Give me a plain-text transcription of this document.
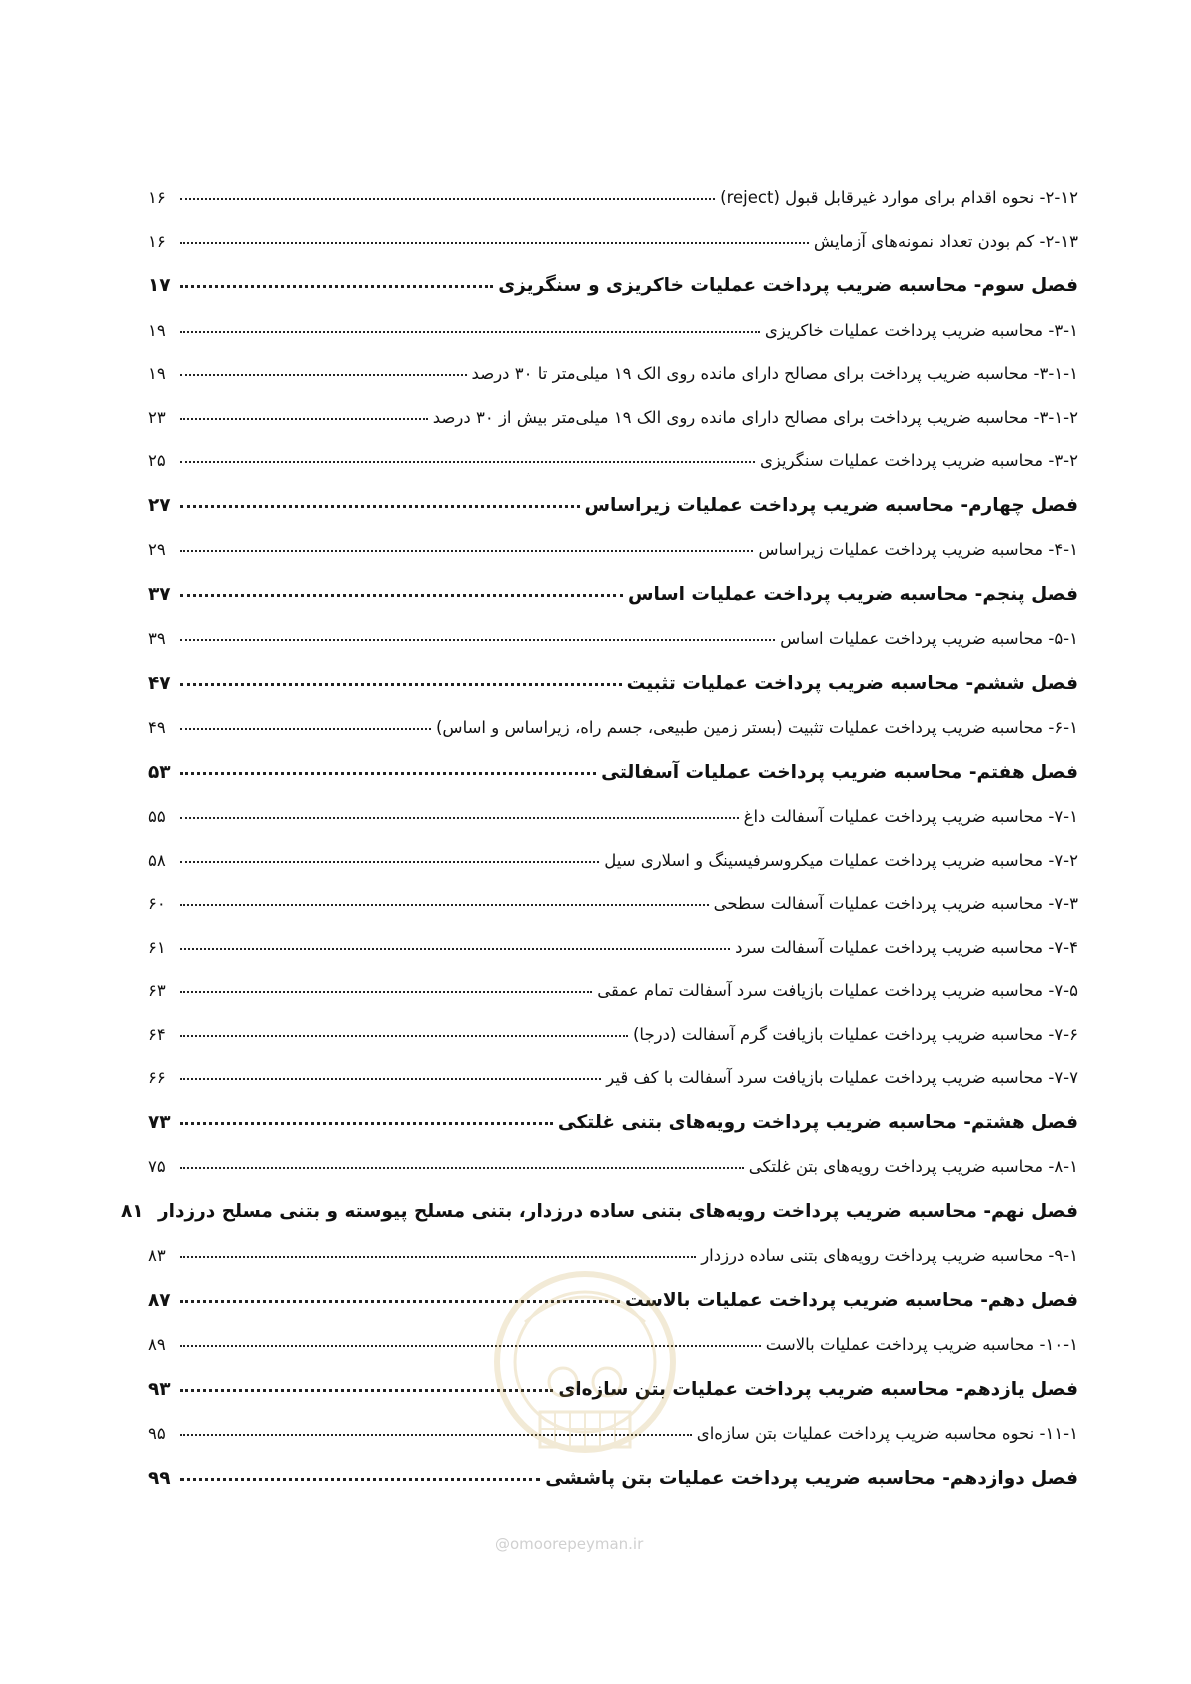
۲-۱۲- نحوه اقدام برای موارد غیرقابل قبول (reject)
۱۶
۲-۱۳- کم بودن تعداد نمونه‌های آزمایش
۱۶
فصل سوم- محاسبه ضریب پرداخت عملیات خاکریزی و سنگریزی
۱۷
۳-۱- محاسبه ضریب پرداخت عملیات خاکریزی
۱۹
۳-۱-۱- محاسبه ضریب پرداخت برای مصالح دارای مانده روی الک ۱۹ میلی‌متر تا ۳۰ درصد
۱۹
۳-۱-۲- محاسبه ضریب پرداخت برای مصالح دارای مانده روی الک ۱۹ میلی‌متر بیش از ۳۰ درصد
۲۳
۳-۲- محاسبه ضریب پرداخت عملیات سنگریزی
۲۵
فصل چهارم- محاسبه ضریب پرداخت عملیات زیراساس
۲۷
۴-۱- محاسبه ضریب پرداخت عملیات زیراساس
۲۹
فصل پنجم- محاسبه ضریب پرداخت عملیات اساس
۳۷
۵-۱- محاسبه ضریب پرداخت عملیات اساس
۳۹
فصل ششم- محاسبه ضریب پرداخت عملیات تثبیت
۴۷
۶-۱- محاسبه ضریب پرداخت عملیات تثبیت (بستر زمین طبیعی، جسم راه، زیراساس و اساس)
۴۹
فصل هفتم- محاسبه ضریب پرداخت عملیات آسفالتی
۵۳
۷-۱- محاسبه ضریب پرداخت عملیات آسفالت داغ
۵۵
۷-۲- محاسبه ضریب پرداخت عملیات میکروسرفیسینگ و اسلاری سیل
۵۸
۷-۳- محاسبه ضریب پرداخت عملیات آسفالت سطحی
۶۰
۷-۴- محاسبه ضریب پرداخت عملیات آسفالت سرد
۶۱
۷-۵- محاسبه ضریب پرداخت عملیات بازیافت سرد آسفالت تمام عمقی
۶۳
۷-۶- محاسبه ضریب پرداخت عملیات بازیافت گرم آسفالت (درجا)
۶۴
۷-۷- محاسبه ضریب پرداخت عملیات بازیافت سرد آسفالت با کف قیر
۶۶
فصل هشتم- محاسبه ضریب پرداخت رویه‌های بتنی غلتکی
۷۳
۸-۱- محاسبه ضریب پرداخت رویه‌های بتن غلتکی
۷۵
فصل نهم- محاسبه ضریب پرداخت رویه‌های بتنی ساده درزدار، بتنی مسلح پیوسته و بتنی مسلح درزدار
۸۱
۹-۱- محاسبه ضریب پرداخت رویه‌های بتنی ساده درزدار
۸۳
فصل دهم- محاسبه ضریب پرداخت عملیات بالاست
۸۷
۱۰-۱- محاسبه ضریب پرداخت عملیات بالاست
۸۹
فصل یازدهم- محاسبه ضریب پرداخت عملیات بتن سازه‌ای
۹۳
۱۱-۱- نحوه محاسبه ضریب پرداخت عملیات بتن سازه‌ای
۹۵
فصل دوازدهم- محاسبه ضریب پرداخت عملیات بتن پاششی
۹۹
@omoorepeyman.ir
